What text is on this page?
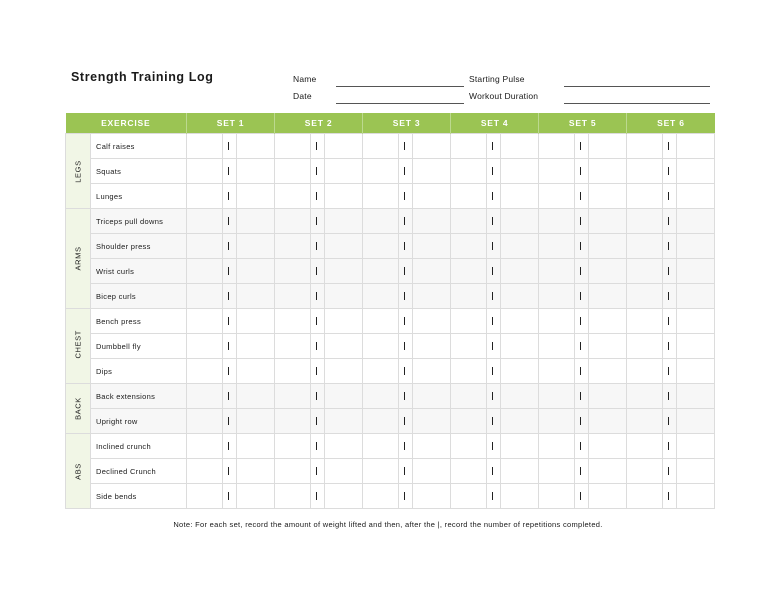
Strength Training Log	Name
Date
Starting Pulse
Workout Duration
EXERCISE		SET 1			SET 2			SET 3			SET 4			SET 5			SET 6		

LEGS	Calf raises		

	Squats		

	Lunges		

ARMS	Triceps pull downs		

	Shoulder press		

	Wrist curls		

	Bicep curls		

CHEST	Bench press		

	Dumbbell fly		

	Dips		

BACK	Back extensions		

	Upright row		

ABS	Inclined crunch		

	Declined Crunch		

	Side bends		

Note: For each set, record the amount of weight lifted and then, after the |, record the number of repetitions completed.
